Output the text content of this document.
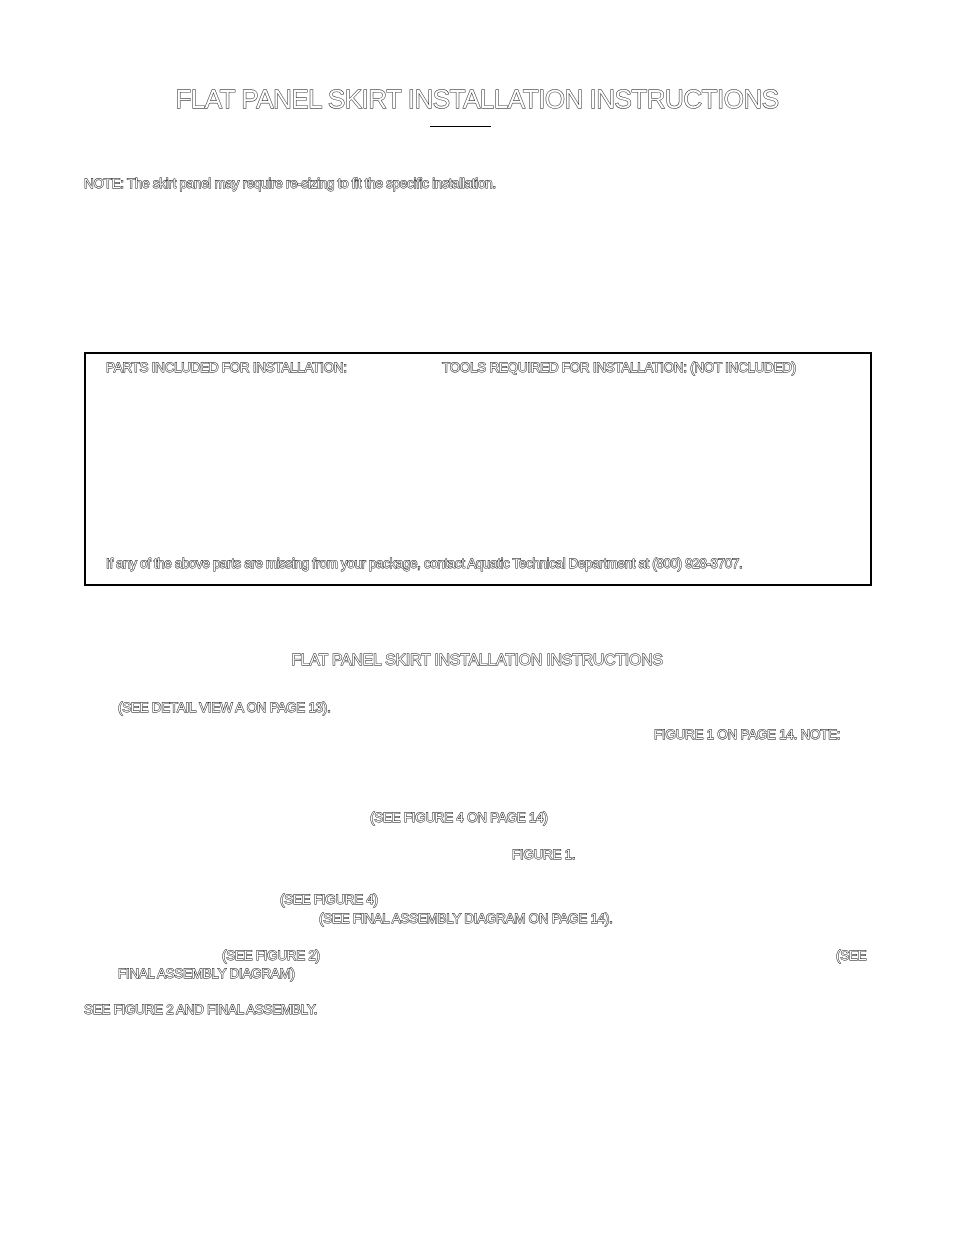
FLAT PANEL SKIRT INSTALLATION INSTRUCTIONS
NOTE: The skirt panel may require re-sizing to fit the specific installation.
PARTS INCLUDED FOR INSTALLATION:	TOOLS REQUIRED FOR INSTALLATION: (NOT INCLUDED)
If any of the above parts are missing from your package, contact Aquatic Technical Department at (800) 928-3707.
FLAT PANEL SKIRT INSTALLATION INSTRUCTIONS
(SEE DETAIL VIEW A ON PAGE 13).
FIGURE 1 ON PAGE 14. NOTE:
(SEE FIGURE 4 ON PAGE 14)
FIGURE 1.
(SEE FIGURE 4)
(SEE FINAL ASSEMBLY DIAGRAM ON PAGE 14).
(SEE FIGURE 2)	(SEE
FINAL ASSEMBLY DIAGRAM)
SEE FIGURE 2 AND FINAL ASSEMBLY.
